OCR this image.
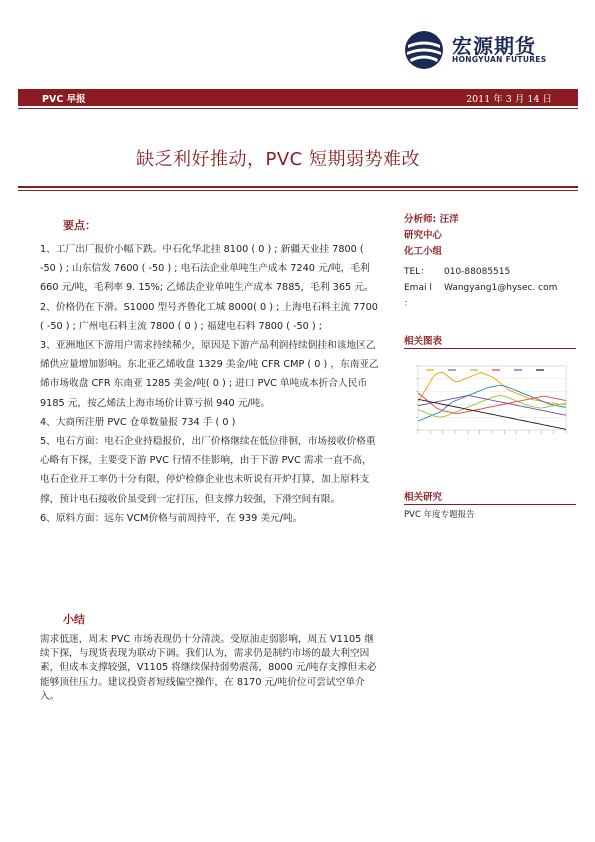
宏源期货
HONGYUAN FUTURES
PVC 早报	2011 年 3 月 14 日
缺乏利好推动，PVC 短期弱势难改
要点：

1、工厂出厂报价小幅下跌。中石化华北挂 8100 ( 0 ) ; 新疆天业挂 7800 ( -50 ) ; 山东信发 7600 ( -50 ) ; 电石法企业单吨生产成本 7240 元/吨，毛利 660 元/吨，毛利率 9. 15%; 乙烯法企业单吨生产成本 7885，毛利 365 元。

2、价格仍在下滑。S1000 型号齐鲁化工城 8000( 0 ) ; 上海电石料主流 7700 ( -50 ) ; 广州电石料主流 7800 ( 0 ) ; 福建电石料 7800 ( -50 ) ;

3、亚洲地区下游用户需求持续稀少，原因是下游产品利润持续倒挂和该地区乙烯供应量增加影响。东北亚乙烯收盘 1329 美金/吨 CFR CMP ( 0 ) ，东南亚乙烯市场收盘 CFR 东南亚 1285 美金/吨( 0 ) ; 进口 PVC 单吨成本折合人民币 9185 元，按乙烯法上海市场价计算亏损 940 元/吨。

4、大商所注册 PVC 仓单数量报 734 手 ( 0 )

5、电石方面：电石企业持稳报价，出厂价格继续在低位徘徊，市场接收价格重心略有下探，主要受下游 PVC 行情不佳影响，由于下游 PVC 需求一直不高，电石企业开工率仍十分有限，停炉检修企业也未听说有开炉打算，加上原料支撑，预计电石接收价虽受到一定打压，但支撑力较强，下滑空间有限。

6、原料方面：远东 VCM价格与前周持平，在 939 美元/吨。

小结
需求低迷，周末 PVC 市场表现仍十分清淡。受原油走弱影响，周五 V1105 继续下探，与现货表现为联动下调。我们认为，需求仍是制约市场的最大利空因素，但成本支撑较强，V1105 将继续保持弱势震荡，8000 元/吨存支撑但未必能够顶住压力。建议投资者短线偏空操作，在 8170 元/吨价位可尝试空单介入。
分析师: 汪洋
研究中心
化工小组
TEL： 010-88085515
Emai l Wangyang1@hysec. com
：
相关图表
相关研究
PVC 年度专题报告
请务必阅读正文之后的免责条款部分
